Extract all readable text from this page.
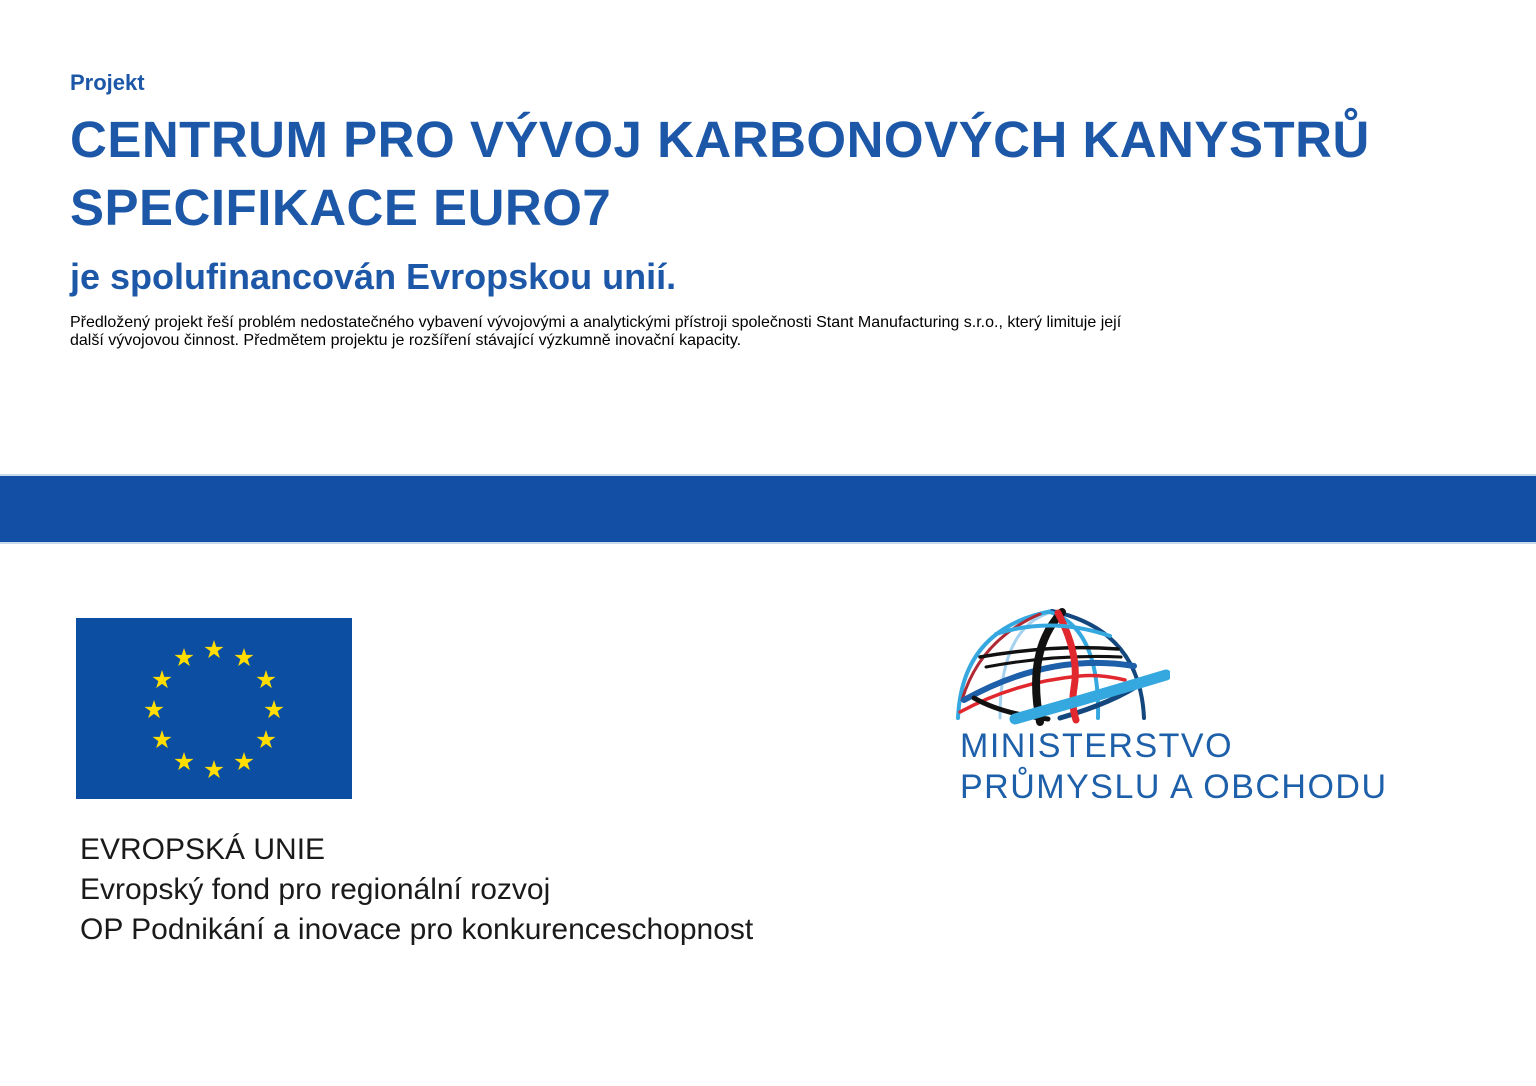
Projekt
CENTRUM PRO VÝVOJ KARBONOVÝCH KANYSTRŮ
SPECIFIKACE EURO7
je spolufinancován Evropskou unií.

Předložený projekt řeší problém nedostatečného vybavení vývojovými a analytickými přístroji společnosti Stant Manufacturing s.r.o., který limituje její
další vývojovou činnost. Předmětem projektu je rozšíření stávající výzkumně inovační kapacity.

EVROPSKÁ UNIE
Evropský fond pro regionální rozvoj
OP Podnikání a inovace pro konkurenceschopnost
MINISTERSTVO
PRŮMYSLU A OBCHODU
